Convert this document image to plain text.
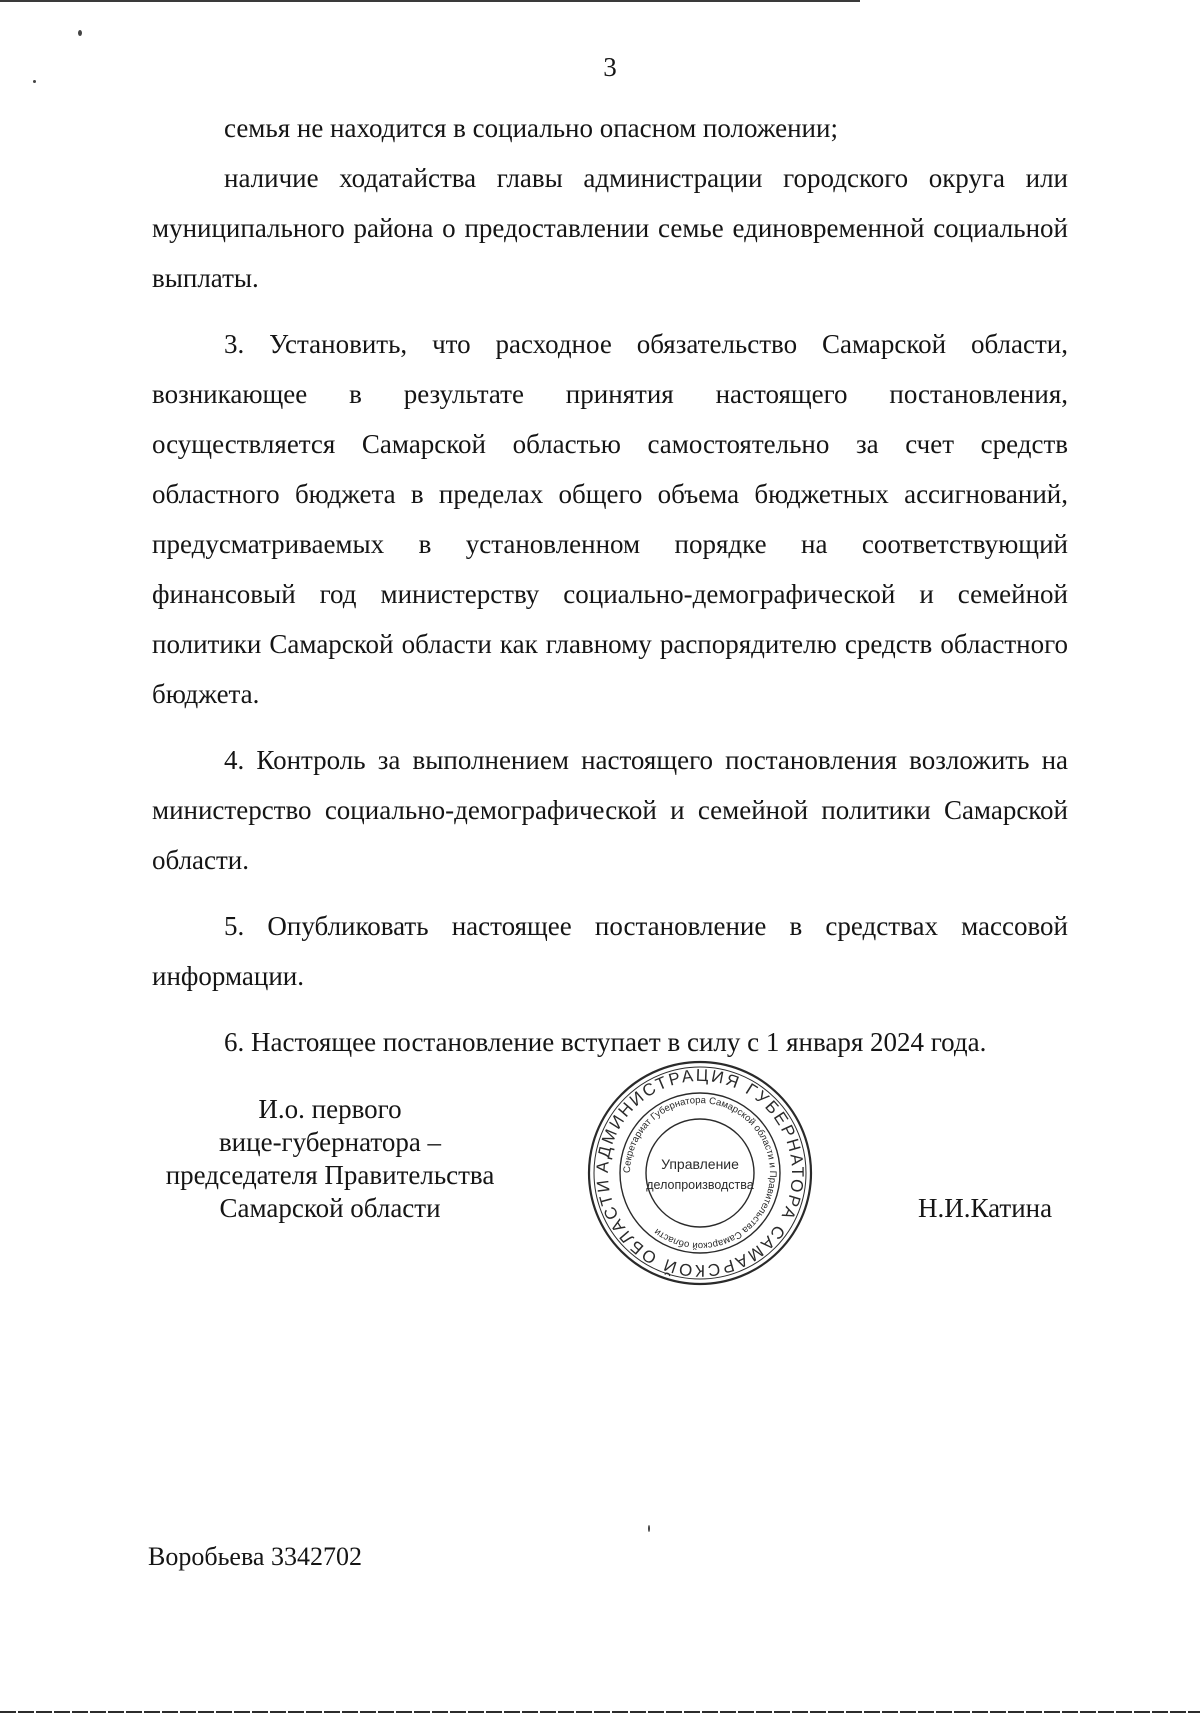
3

семья не находится в социально опасном положении;

наличие ходатайства главы администрации городского округа или муниципального района о предоставлении семье единовременной социальной выплаты.

3. Установить, что расходное обязательство Самарской области, возникающее в результате принятия настоящего постановления, осуществляется Самарской областью самостоятельно за счет средств областного бюджета в пределах общего объема бюджетных ассигнований, предусматриваемых в установленном порядке на соответствующий финансовый год министерству социально-демографической и семейной политики Самарской области как главному распорядителю средств областного бюджета.

4. Контроль за выполнением настоящего постановления возложить на министерство социально-демографической и семейной политики Самарской области.

5. Опубликовать настоящее постановление в средствах массовой информации.

6. Настоящее постановление вступает в силу с 1 января 2024 года.

И.о. первого
вице-губернатора –
председателя Правительства
Самарской области
АДМИНИСТРАЦИЯ ГУБЕРНАТОРА САМАРСКОЙ ОБЛАСТИ
Секретариат Губернатора Самарской области и Правительства Самарской области
Управление
делопроизводства
Н.И.Катина
Воробьева 3342702
